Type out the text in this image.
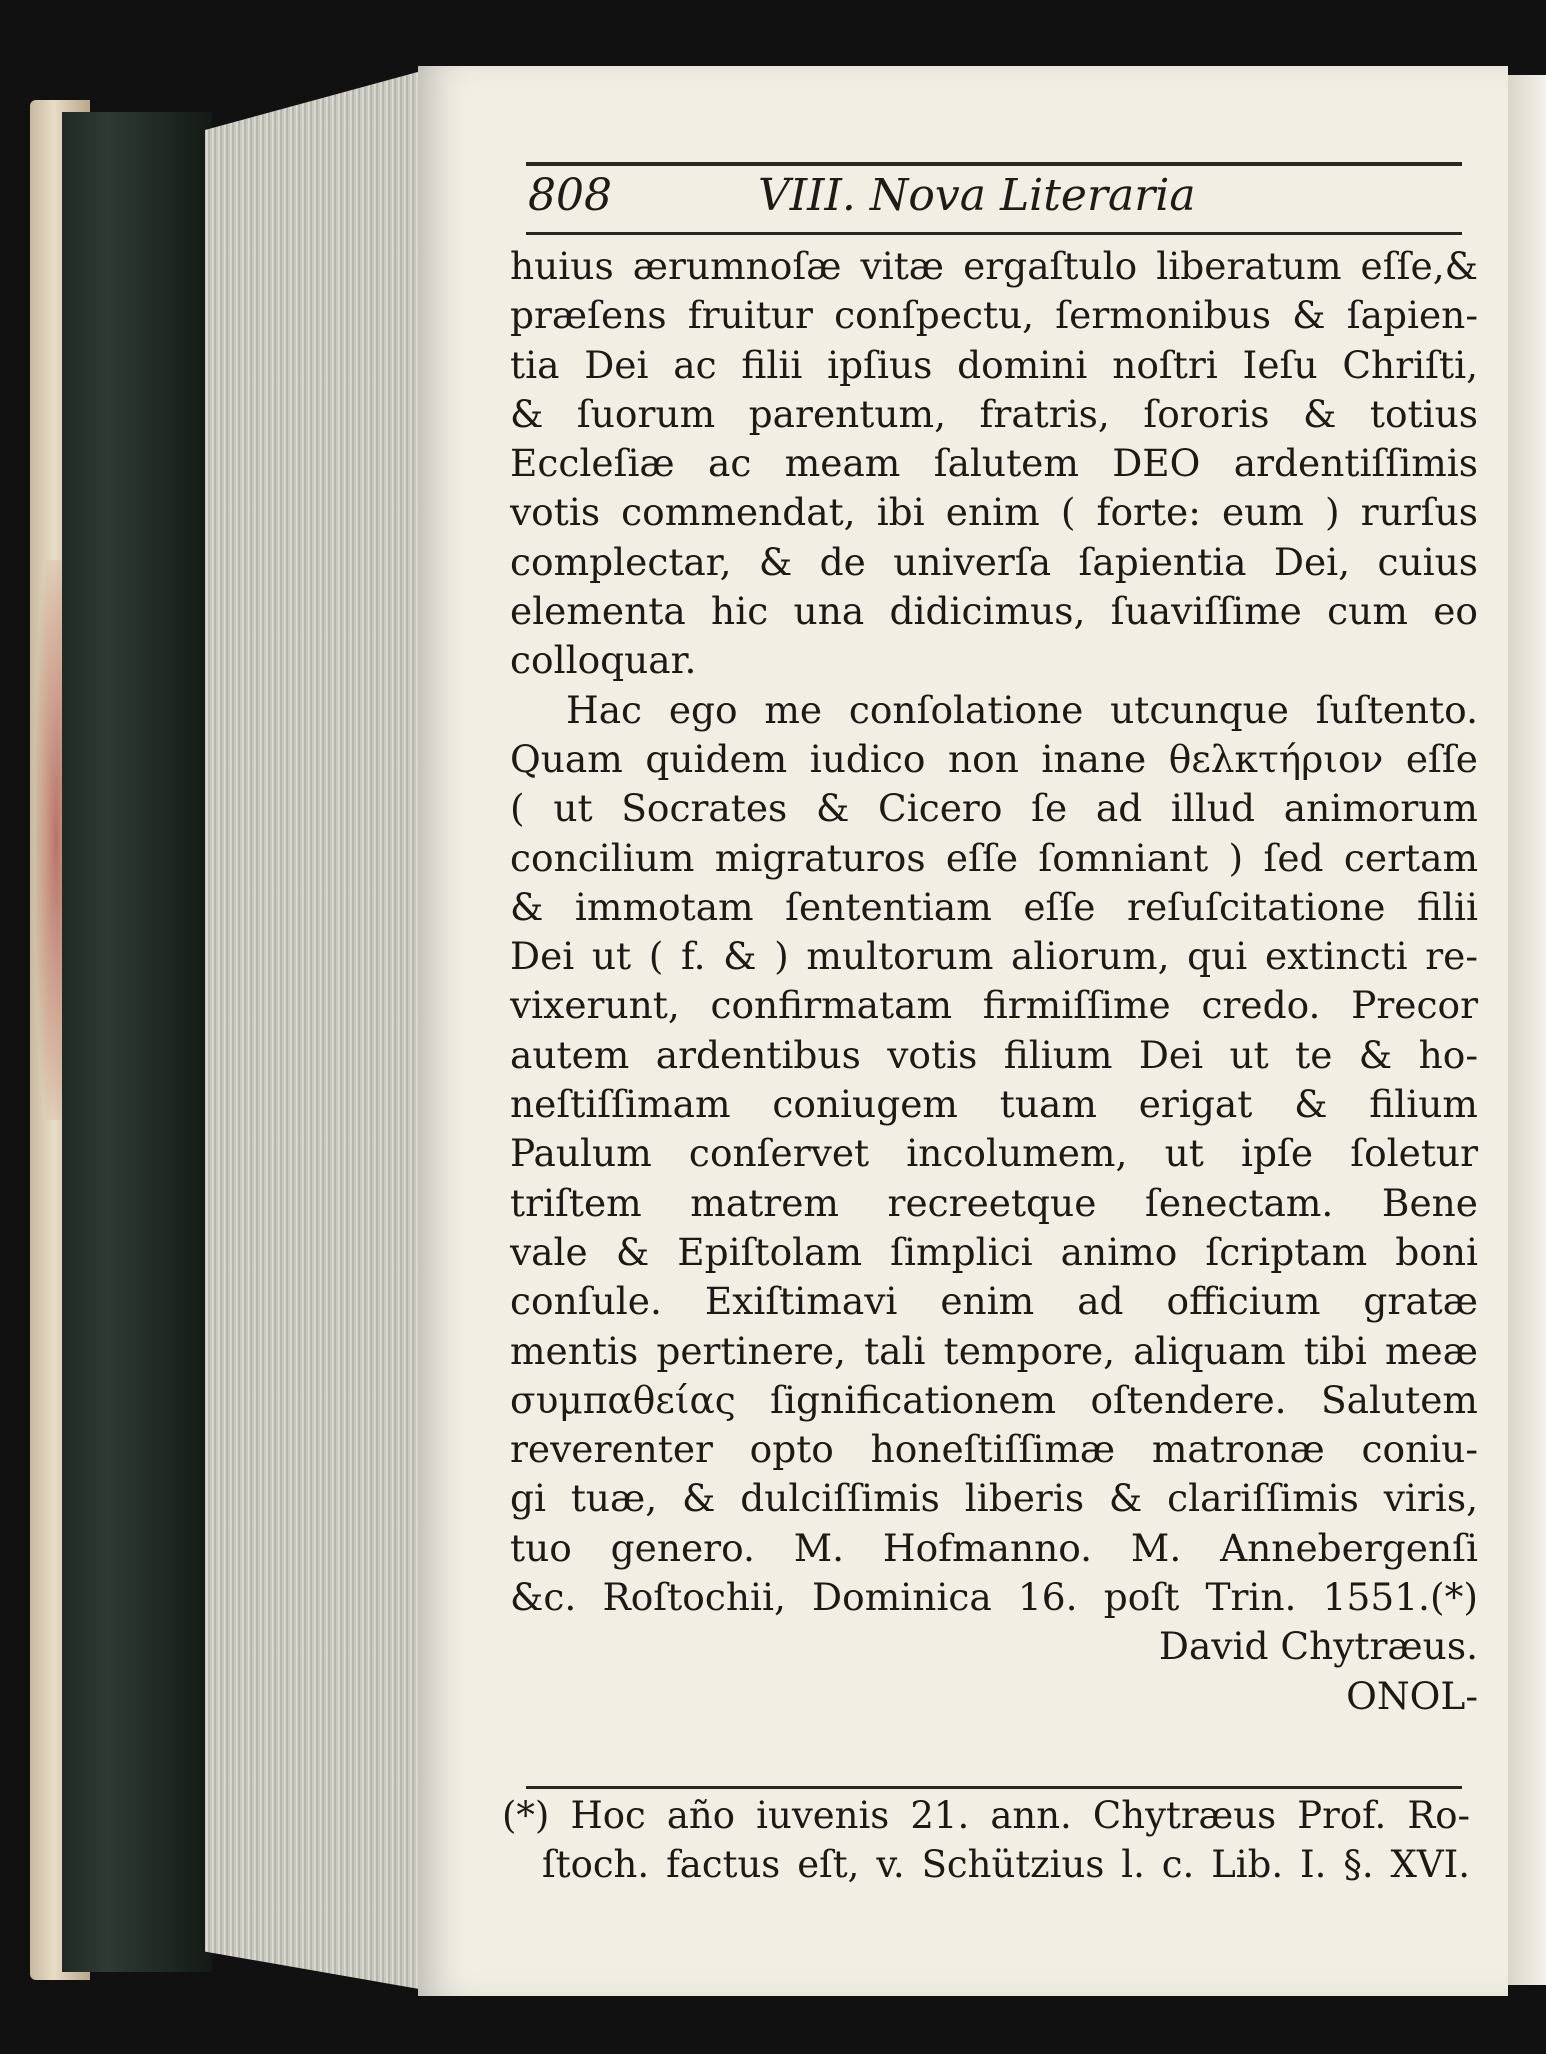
808	VIII. Nova Literaria
huius ærumnoſæ vitæ ergaſtulo liberatum eſſe,&
præſens fruitur conſpectu, ſermonibus & ſapien-
tia Dei ac filii ipſius domini noſtri Ieſu Chriſti,
& ſuorum parentum, fratris, ſororis & totius
Eccleſiæ ac meam ſalutem DEO ardentiſſimis
votis commendat, ibi enim ( forte: eum ) rurſus
complectar, & de univerſa ſapientia Dei, cuius
elementa hic una didicimus, ſuaviſſime cum eo
colloquar.
Hac ego me conſolatione utcunque ſuſtento.
Quam quidem iudico non inane θελκτήριον eſſe
( ut Socrates & Cicero ſe ad illud animorum
concilium migraturos eſſe ſomniant ) ſed certam
& immotam ſententiam eſſe reſuſcitatione filii
Dei ut ( f. & ) multorum aliorum, qui extincti re-
vixerunt, confirmatam firmiſſime credo. Precor
autem ardentibus votis filium Dei ut te & ho-
neſtiſſimam coniugem tuam erigat & filium
Paulum conſervet incolumem, ut ipſe ſoletur
triſtem matrem recreetque ſenectam. Bene
vale & Epiſtolam ſimplici animo ſcriptam boni
conſule. Exiſtimavi enim ad officium gratæ
mentis pertinere, tali tempore, aliquam tibi meæ
συμπαθείας ſignificationem oſtendere. Salutem
reverenter opto honeſtiſſimæ matronæ coniu-
gi tuæ, & dulciſſimis liberis & clariſſimis viris,
tuo genero. M. Hofmanno. M. Annebergenſi
&c. Roſtochii, Dominica 16. poſt Trin. 1551.(*)
David Chytræus.
ONOL-
(*) Hoc año iuvenis 21. ann. Chytræus Prof. Ro-
ſtoch. factus eſt, v. Schützius l. c. Lib. I. §. XVI.
